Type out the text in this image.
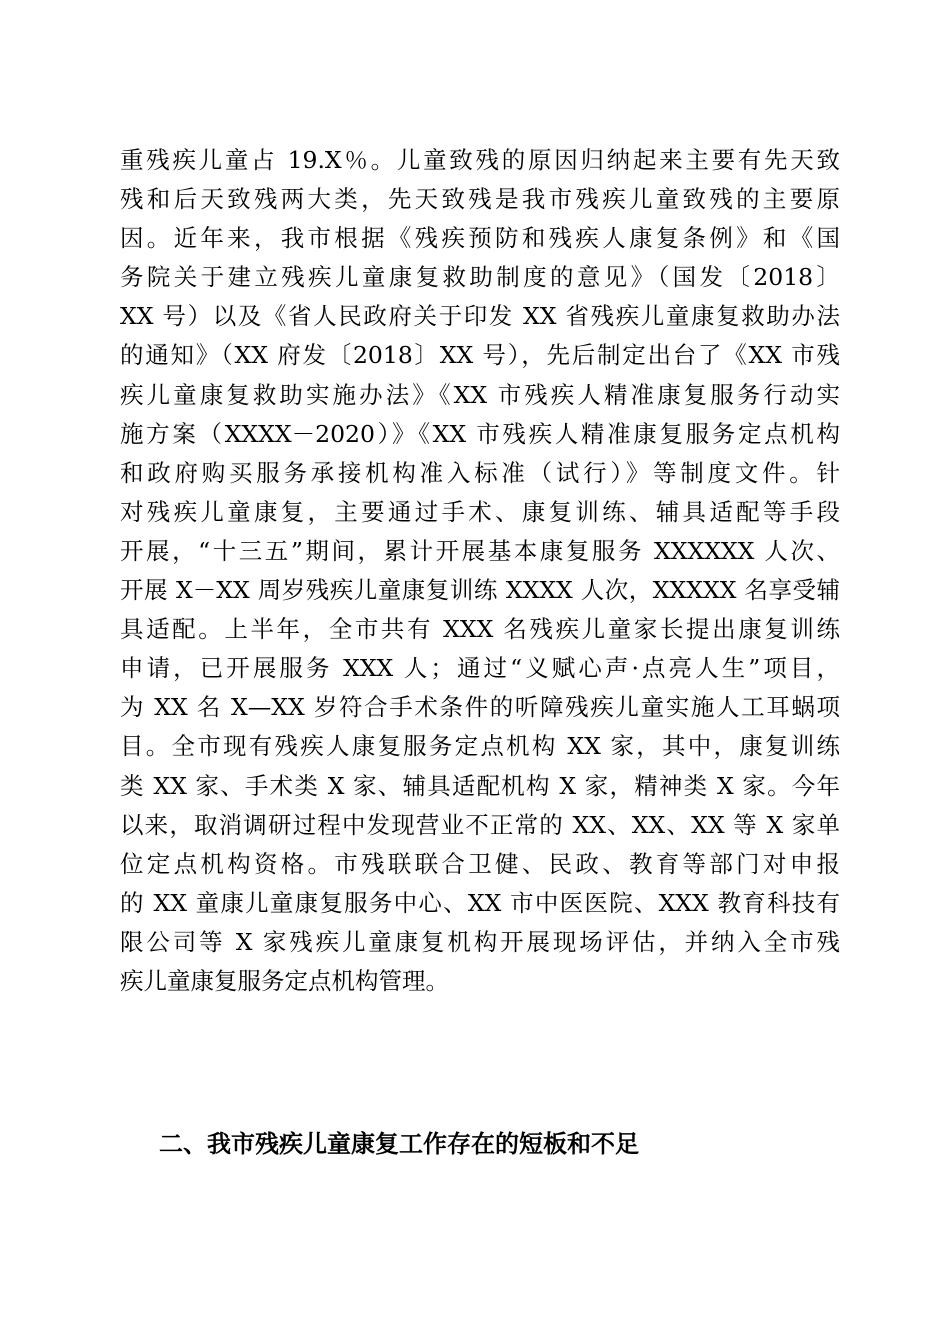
重残疾儿童占 19.X％。儿童致残的原因归纳起来主要有先天致
残和后天致残两大类，先天致残是我市残疾儿童致残的主要原
因。近年来，我市根据《残疾预防和残疾人康复条例》和《国
务院关于建立残疾儿童康复救助制度的意见》（国发〔2018〕
XX 号）以及《省人民政府关于印发 XX 省残疾儿童康复救助办法
的通知》（XX 府发〔2018〕XX 号），先后制定出台了《XX 市残
疾儿童康复救助实施办法》《XX 市残疾人精准康复服务行动实
施方案（XXXX－2020）》《XX 市残疾人精准康复服务定点机构
和政府购买服务承接机构准入标准（试行）》等制度文件。针
对残疾儿童康复，主要通过手术、康复训练、辅具适配等手段
开展，“十三五”期间，累计开展基本康复服务 XXXXXX 人次、
开展 X－XX 周岁残疾儿童康复训练 XXXX 人次，XXXXX 名享受辅
具适配。上半年，全市共有 XXX 名残疾儿童家长提出康复训练
申请，已开展服务 XXX 人；通过“义赋心声·点亮人生”项目，
为 XX 名 X—XX 岁符合手术条件的听障残疾儿童实施人工耳蜗项
目。全市现有残疾人康复服务定点机构 XX 家，其中，康复训练
类 XX 家、手术类 X 家、辅具适配机构 X 家，精神类 X 家。今年
以来，取消调研过程中发现营业不正常的 XX、XX、XX 等 X 家单
位定点机构资格。市残联联合卫健、民政、教育等部门对申报
的 XX 童康儿童康复服务中心、XX 市中医医院、XXX 教育科技有
限公司等 X 家残疾儿童康复机构开展现场评估，并纳入全市残
疾儿童康复服务定点机构管理。
二、我市残疾儿童康复工作存在的短板和不足
